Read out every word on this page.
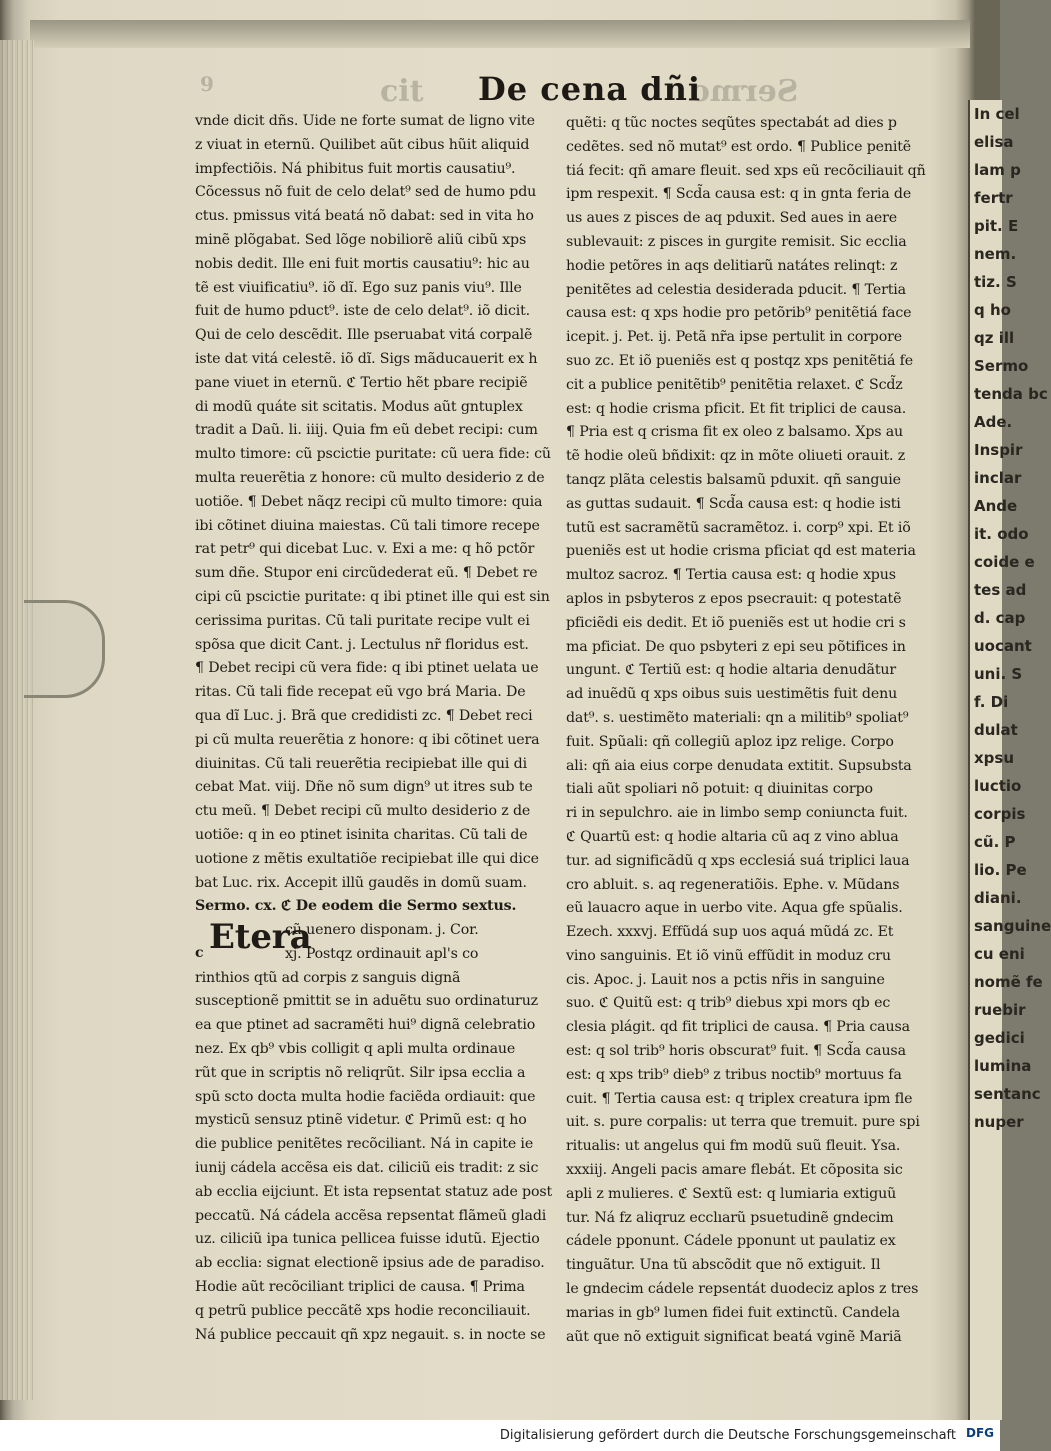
cit	Sermo
9	De cena dñi
vnde dicit dñs. Uide ne forte sumat de ligno vite
z viuat in eternũ. Quilibet aũt cibus hũit aliquid
impfectiõis. Ná phibitus fuit mortis causatiu⁹.
Cõcessus nõ fuit de celo delat⁹ sed de humo pdu
ctus. pmissus vitá beatá nõ dabat: sed in vita ho
minẽ plõgabat. Sed lõge nobiliorẽ aliũ cibũ xps
nobis dedit. Ille eni fuit mortis causatiu⁹: hic au
tẽ est viuificatiu⁹. iõ dĩ. Ego suz panis viu⁹. Ille
fuit de humo pduct⁹. iste de celo delat⁹. iõ dicit.
Qui de celo descẽdit. Ille pseruabat vitá corpalẽ
iste dat vitá celestẽ. iõ dĩ. Sigs mãducauerit ex h
pane viuet in eternũ. ℭ Tertio hẽt pbare recipiẽ
di modũ quáte sit scitatis. Modus aũt gntuplex
tradit a Daũ. li. iiij. Quia fm eũ debet recipi: cum
multo timore: cũ pscictie puritate: cũ uera fide: cũ
multa reuerẽtia z honore: cũ multo desiderio z de
uotiõe. ¶ Debet nãqz recipi cũ multo timore: quia
ibi cõtinet diuina maiestas. Cũ tali timore recepe
rat petr⁹ qui dicebat Luc. v. Exi a me: q hõ pctõr
sum dñe. Stupor eni circũdederat eũ. ¶ Debet re
cipi cũ pscictie puritate: q ibi ptinet ille qui est sin
cerissima puritas. Cũ tali puritate recipe vult ei
spõsa que dicit Cant. j. Lectulus nr̃ floridus est.
¶ Debet recipi cũ vera fide: q ibi ptinet uelata ue
ritas. Cũ tali fide recepat eũ vgo brá Maria. De
qua dĩ Luc. j. Brã que credidisti zc. ¶ Debet reci
pi cũ multa reuerẽtia z honore: q ibi cõtinet uera
diuinitas. Cũ tali reuerẽtia recipiebat ille qui di
cebat Mat. viij. Dñe nõ sum dign⁹ ut itres sub te
ctu meũ. ¶ Debet recipi cũ multo desiderio z de
uotiõe: q in eo ptinet isinita charitas. Cũ tali de
uotione z mẽtis exultatiõe recipiebat ille qui dice
bat Luc. rix. Accepit illũ gaudẽs in domũ suam.
Sermo. cx. ℭ De eodem die Sermo sextus.
c Etera
cũ uenero disponam. j. Cor.
xj. Postqz ordinauit apl's co
rinthios qtũ ad corpis z sanguis dignã
susceptionẽ pmittit se in aduẽtu suo ordinaturuz
ea que ptinet ad sacramẽti hui⁹ dignã celebratio
nez. Ex qb⁹ vbis colligit q apli multa ordinaue
rũt que in scriptis nõ reliqrũt. Silr ipsa ecclia a
spũ scto docta multa hodie faciẽda ordiauit: que
mysticũ sensuz ptinẽ videtur. ℭ Primũ est: q ho
die publice penitẽtes recõciliant. Ná in capite ie
iunij cádela accẽsa eis dat. ciliciũ eis tradit: z sic
ab ecclia eijciunt. Et ista repsentat statuz ade post
peccatũ. Ná cádela accẽsa repsentat flãmeũ gladi
uz. ciliciũ ipa tunica pellicea fuisse idutũ. Ejectio
ab ecclia: signat electionẽ ipsius ade de paradiso.
Hodie aũt recõciliant triplici de causa. ¶ Prima
q petrũ publice peccãtẽ xps hodie reconciliauit.
Ná publice peccauit qñ xpz negauit. s. in nocte se
quẽti: q tũc noctes seqũtes spectabát ad dies p
cedẽtes. sed nõ mutat⁹ est ordo. ¶ Publice penitẽ
tiá fecit: qñ amare fleuit. sed xps eũ recõciliauit qñ
ipm respexit. ¶ Scd̃a causa est: q in gnta feria de
us aues z pisces de aq pduxit. Sed aues in aere
sublevauit: z pisces in gurgite remisit. Sic ecclia
hodie petõres in aqs delitiarũ natátes relinqt: z
penitẽtes ad celestia desiderada pducit. ¶ Tertia
causa est: q xps hodie pro petõrib⁹ penitẽtiá face
icepit. j. Pet. ij. Petã nr̃a ipse pertulit in corpore
suo zc. Et iõ pueniẽs est q postqz xps penitẽtiá fe
cit a publice penitẽtib⁹ penitẽtia relaxet. ℭ Scd̃z
est: q hodie crisma pficit. Et fit triplici de causa.
¶ Pria est q crisma fit ex oleo z balsamo. Xps au
tẽ hodie oleũ bñdixit: qz in mõte oliueti orauit. z
tanqz plãta celestis balsamũ pduxit. qñ sanguie
as guttas sudauit. ¶ Scd̃a causa est: q hodie isti
tutũ est sacramẽtũ sacramẽtoz. i. corp⁹ xpi. Et iõ
pueniẽs est ut hodie crisma pficiat qd est materia
multoz sacroz. ¶ Tertia causa est: q hodie xpus
aplos in psbyteros z epos psecrauit: q potestatẽ
pficiẽdi eis dedit. Et iõ pueniẽs est ut hodie cri s
ma pficiat. De quo psbyteri z epi seu põtifices in
ungunt. ℭ Tertiũ est: q hodie altaria denudãtur
ad inuẽdũ q xps oibus suis uestimẽtis fuit denu
dat⁹. s. uestimẽto materiali: qn a militib⁹ spoliat⁹
fuit. Spũali: qñ collegiũ aploz ipz relige. Corpo
ali: qñ aia eius corpe denudata extitit. Supsubsta
tiali aũt spoliari nõ potuit: q diuinitas corpo
ri in sepulchro. aie in limbo semp coniuncta fuit.
ℭ Quartũ est: q hodie altaria cũ aq z vino ablua
tur. ad significãdũ q xps ecclesiá suá triplici laua
cro abluit. s. aq regeneratiõis. Ephe. v. Mũdans
eũ lauacro aque in uerbo vite. Aqua gfe spũalis.
Ezech. xxxvj. Effũdá sup uos aquá mũdá zc. Et
vino sanguinis. Et iõ vinũ effũdit in moduz cru
cis. Apoc. j. Lauit nos a pctis nr̃is in sanguine
suo. ℭ Quitũ est: q trib⁹ diebus xpi mors qb ec
clesia plágit. qd fit triplici de causa. ¶ Pria causa
est: q sol trib⁹ horis obscurat⁹ fuit. ¶ Scd̃a causa
est: q xps trib⁹ dieb⁹ z tribus noctib⁹ mortuus fa
cuit. ¶ Tertia causa est: q triplex creatura ipm fle
uit. s. pure corpalis: ut terra que tremuit. pure spi
ritualis: ut angelus qui fm modũ suũ fleuit. Ysa.
xxxiij. Angeli pacis amare flebát. Et cõposita sic
apli z mulieres. ℭ Sextũ est: q lumiaria extiguũ
tur. Ná fz aliqruz ecclıarũ psuetudinẽ gndecim
cádele pponunt. Cádele pponunt ut paulatiz ex
tinguãtur. Una tũ abscõdit que nõ extiguit. Il
le gndecim cádele repsentát duodeciz aplos z tres
marias in gb⁹ lumen fidei fuit extinctũ. Candela
aũt que nõ extiguit significat beatá vginẽ Mariã
In cel
elisa
lam p
fertr
pit. E
nem.
tiz. S
q ho
qz ill
Sermo
tenda bc
Ade.
Inspir
inclar
Ande
it. odo
coide e
tes ad
d. cap
uocant
uni. S
f. Di
dulat
xpsu
luctio
corpis
cũ. P
lio. Pe
diani.
sanguine
cu eni
nomẽ fe
ruebir
gedici
lumina
sentanc
nuper
Digitalisierung gefördert durch die Deutsche Forschungsgemeinschaft DFG
